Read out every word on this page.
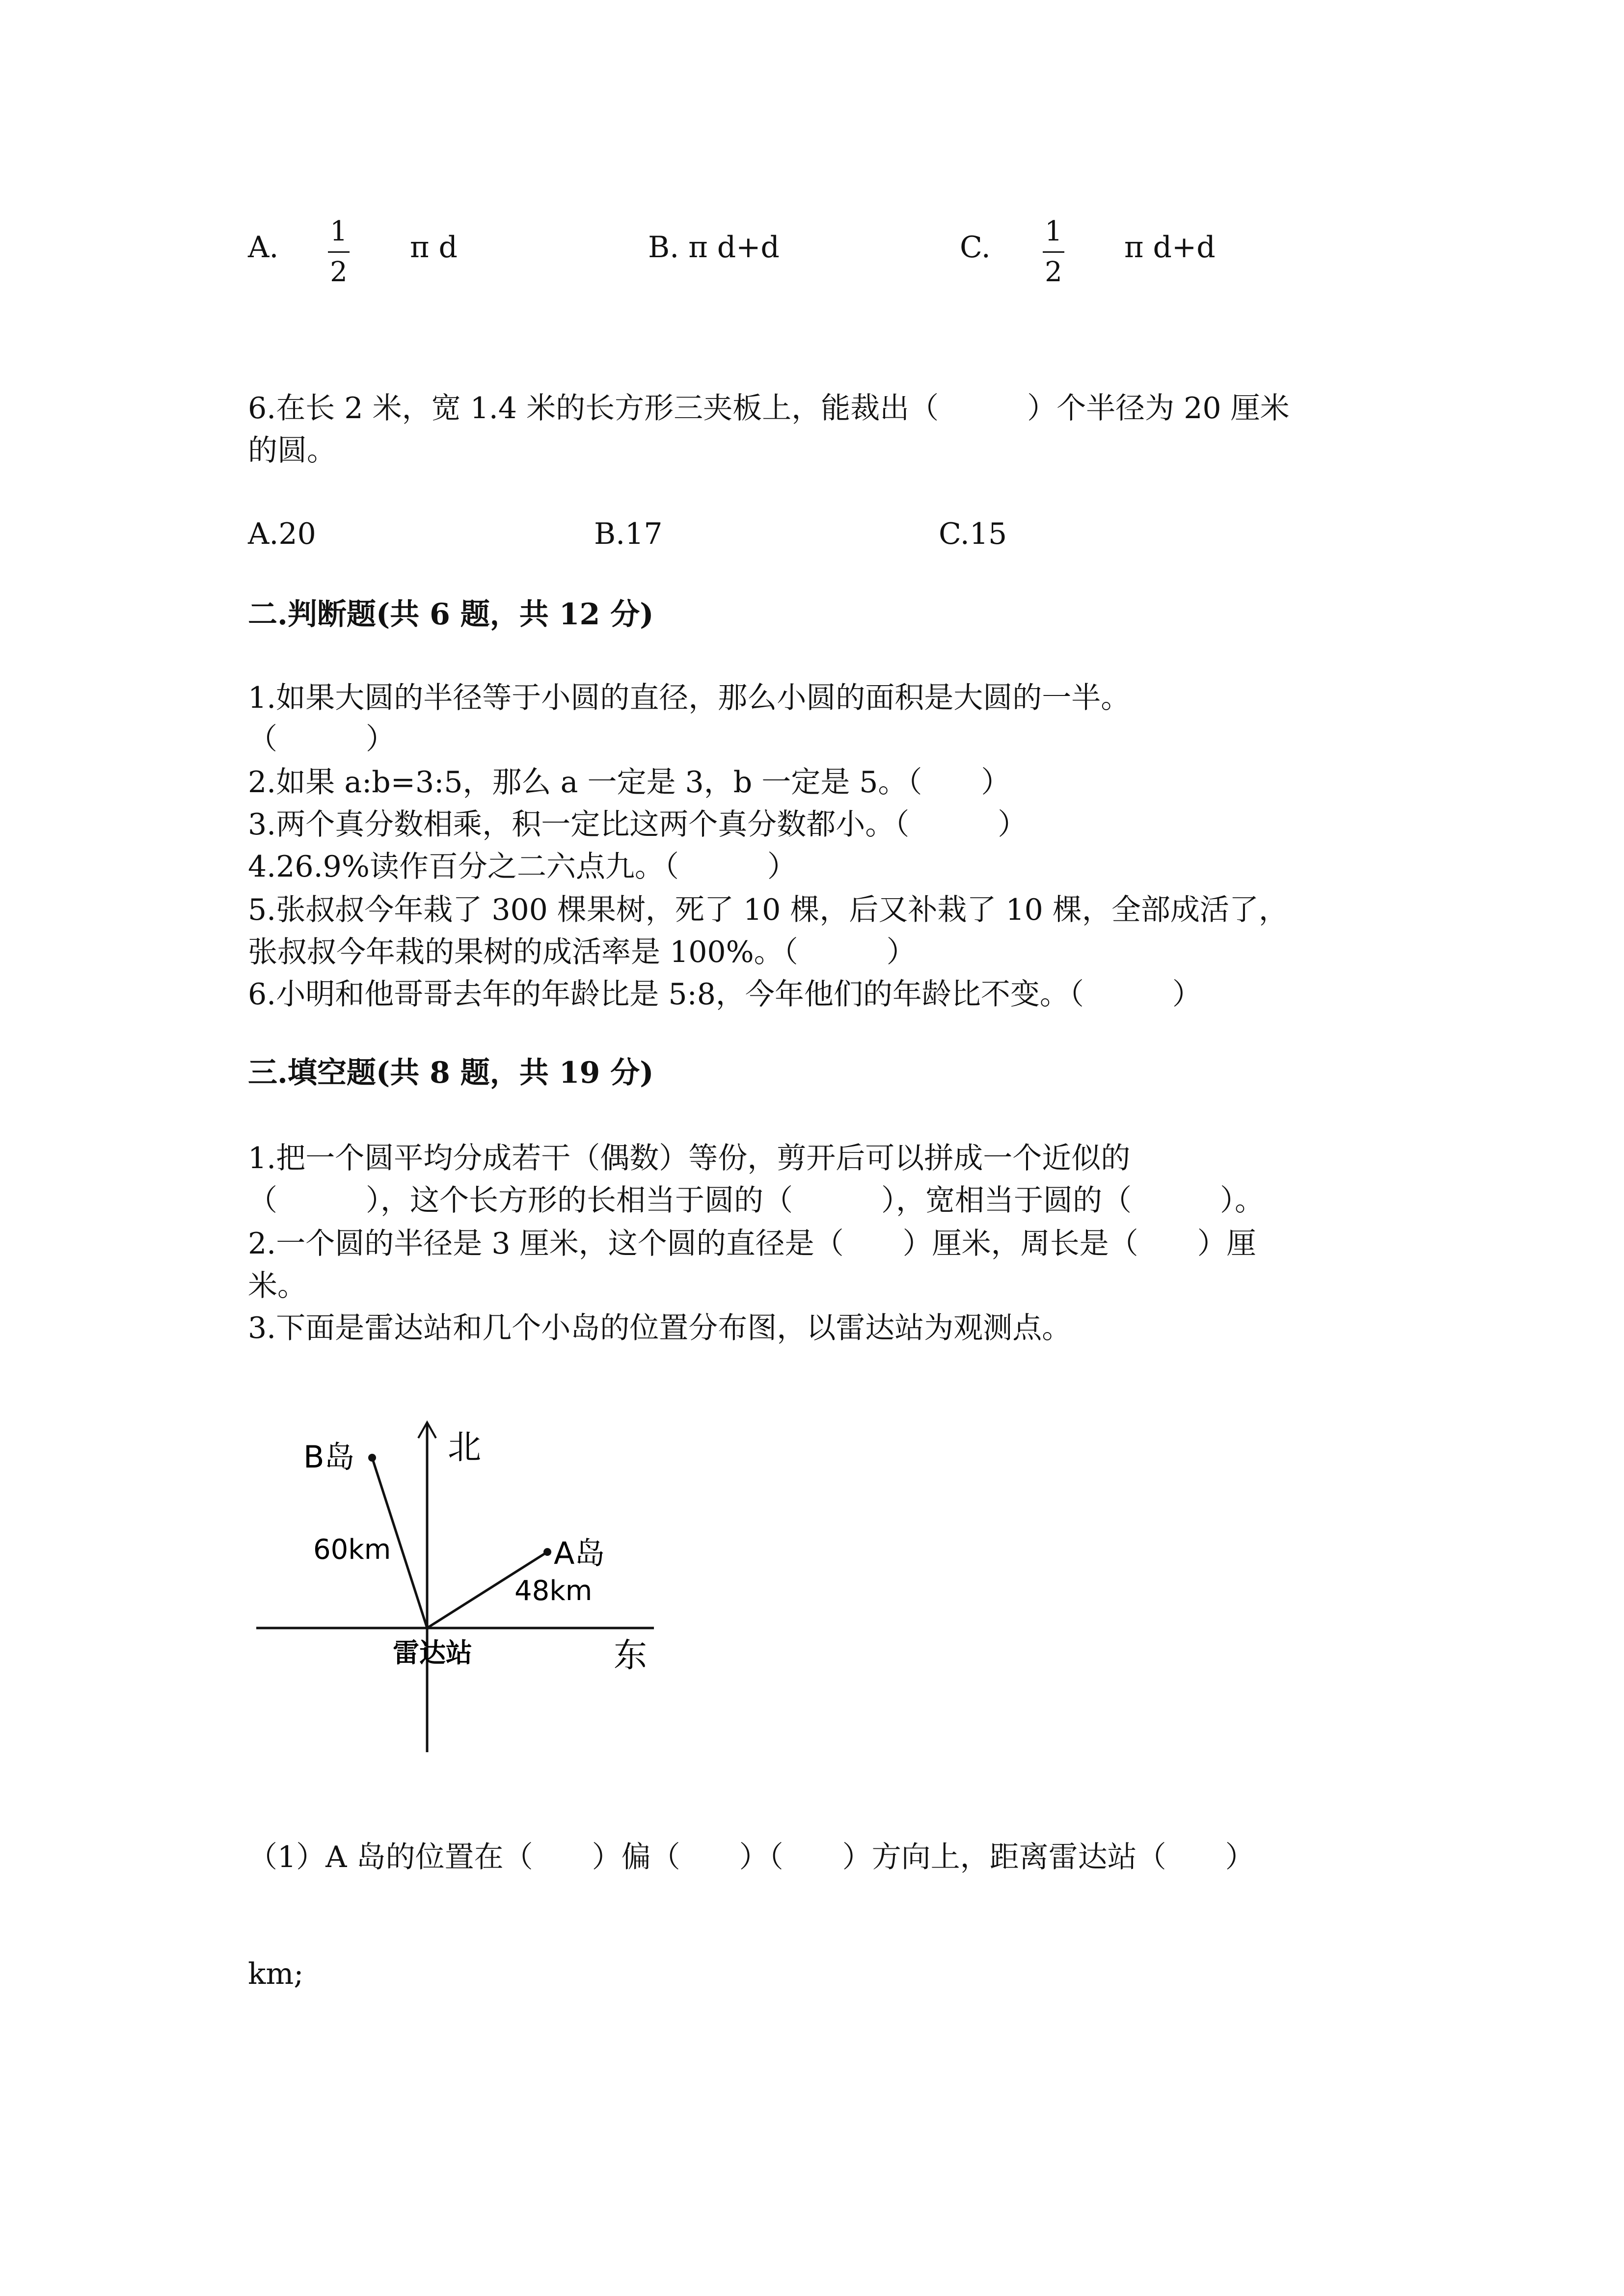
A. 1
2
π d	B. π d+d	C. 1
2
π d+d

6.在长 2 米，宽 1.4 米的长方形三夹板上，能裁出（　　　）个半径为 20 厘米

的圆。

A.20	B.17	C.15

二.判断题(共 6 题，共 12 分)

1.如果大圆的半径等于小圆的直径，那么小圆的面积是大圆的一半。

（　　　）

2.如果 a:b=3:5，那么 a 一定是 3，b 一定是 5。（　　）

3.两个真分数相乘，积一定比这两个真分数都小。（　　　）

4.26.9%读作百分之二六点九。（　　　）

5.张叔叔今年栽了 300 棵果树，死了 10 棵，后又补栽了 10 棵，全部成活了，

张叔叔今年栽的果树的成活率是 100%。（　　　）

6.小明和他哥哥去年的年龄比是 5:8，今年他们的年龄比不变。（　　　）

三.填空题(共 8 题，共 19 分)

1.把一个圆平均分成若干（偶数）等份，剪开后可以拼成一个近似的

（　　　），这个长方形的长相当于圆的（　　　），宽相当于圆的（　　　）。

2.一个圆的半径是 3 厘米，这个圆的直径是（　　）厘米，周长是（　　）厘

米。

3.下面是雷达站和几个小岛的位置分布图，以雷达站为观测点。

B岛	北
60km	A岛
48km
雷达站	东

（1）A 岛的位置在（　　）偏（　　）（　　）方向上，距离雷达站（　　）

km;
